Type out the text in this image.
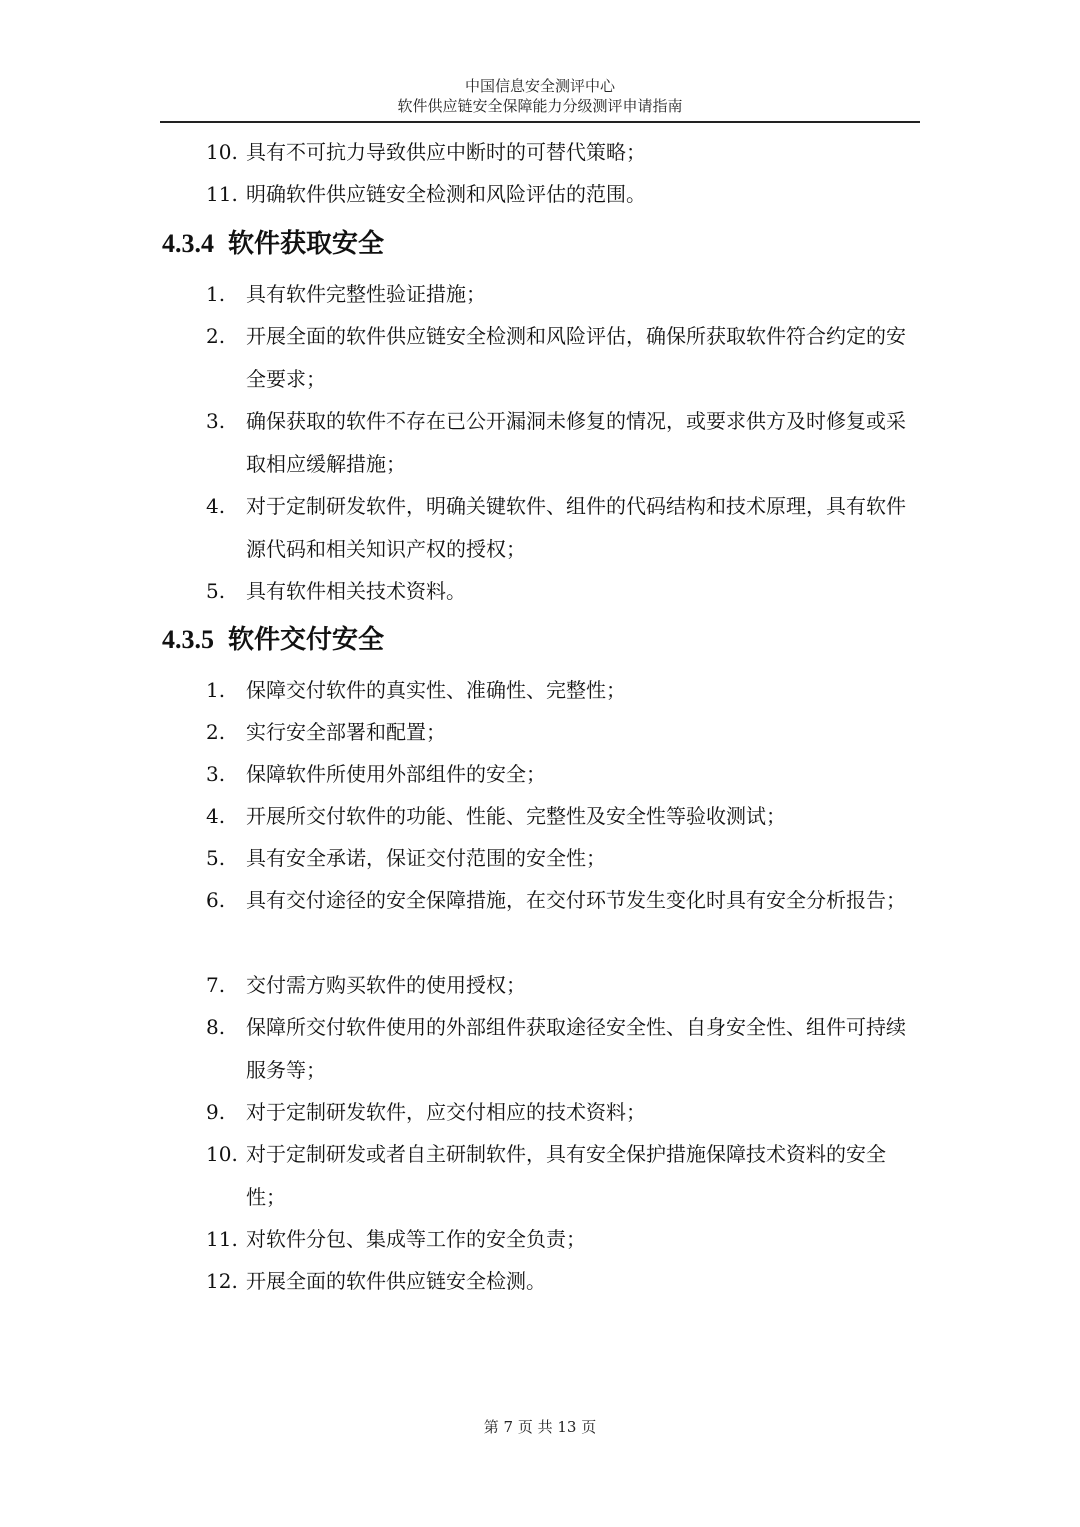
中国信息安全测评中心
软件供应链安全保障能力分级测评申请指南
10. 具有不可抗力导致供应中断时的可替代策略；
11. 明确软件供应链安全检测和风险评估的范围。
4.3.4 软件获取安全
1. 具有软件完整性验证措施；
2. 开展全面的软件供应链安全检测和风险评估，确保所获取软件符合约定的安全要求；
3. 确保获取的软件不存在已公开漏洞未修复的情况，或要求供方及时修复或采取相应缓解措施；
4. 对于定制研发软件，明确关键软件、组件的代码结构和技术原理，具有软件源代码和相关知识产权的授权；
5. 具有软件相关技术资料。
4.3.5 软件交付安全
1. 保障交付软件的真实性、准确性、完整性；
2. 实行安全部署和配置；
3. 保障软件所使用外部组件的安全；
4. 开展所交付软件的功能、性能、完整性及安全性等验收测试；
5. 具有安全承诺，保证交付范围的安全性；
6. 具有交付途径的安全保障措施，在交付环节发生变化时具有安全分析报告；
7. 交付需方购买软件的使用授权；
8. 保障所交付软件使用的外部组件获取途径安全性、自身安全性、组件可持续服务等；
9. 对于定制研发软件，应交付相应的技术资料；
10. 对于定制研发或者自主研制软件，具有安全保护措施保障技术资料的安全性；
11. 对软件分包、集成等工作的安全负责；
12. 开展全面的软件供应链安全检测。
第 7 页 共 13 页
